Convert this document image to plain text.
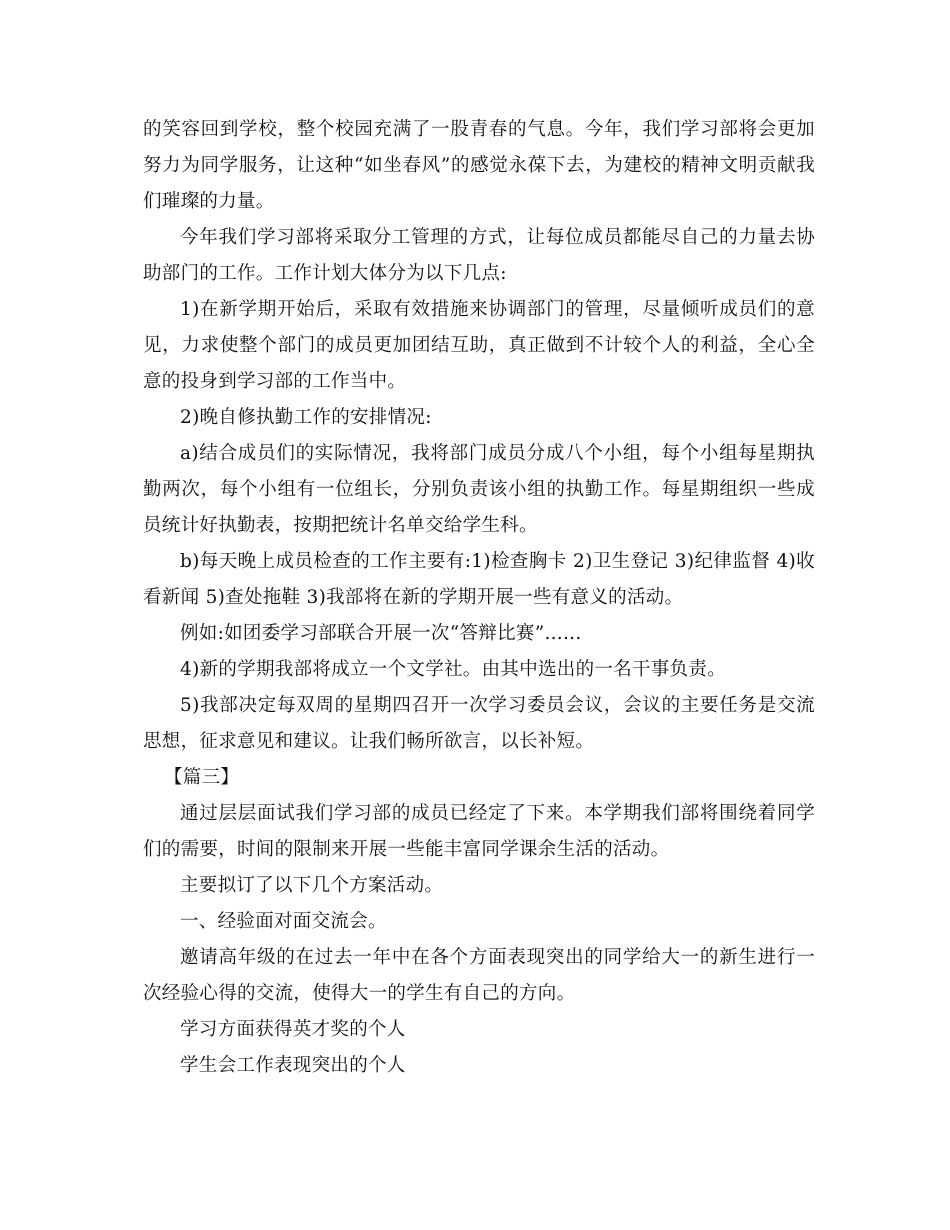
的笑容回到学校，整个校园充满了一股青春的气息。今年，我们学习部将会更加努力为同学服务，让这种“如坐春风”的感觉永葆下去，为建校的精神文明贡献我们璀璨的力量。

今年我们学习部将采取分工管理的方式，让每位成员都能尽自己的力量去协助部门的工作。工作计划大体分为以下几点:

1)在新学期开始后，采取有效措施来协调部门的管理，尽量倾听成员们的意见，力求使整个部门的成员更加团结互助，真正做到不计较个人的利益，全心全意的投身到学习部的工作当中。

2)晚自修执勤工作的安排情况:

a)结合成员们的实际情况，我将部门成员分成八个小组，每个小组每星期执勤两次，每个小组有一位组长，分别负责该小组的执勤工作。每星期组织一些成员统计好执勤表，按期把统计名单交给学生科。

b)每天晚上成员检查的工作主要有:1)检查胸卡 2)卫生登记 3)纪律监督 4)收看新闻 5)查处拖鞋 3)我部将在新的学期开展一些有意义的活动。

例如:如团委学习部联合开展一次“答辩比赛”......

4)新的学期我部将成立一个文学社。由其中选出的一名干事负责。

5)我部决定每双周的星期四召开一次学习委员会议，会议的主要任务是交流思想，征求意见和建议。让我们畅所欲言，以长补短。

【篇三】

通过层层面试我们学习部的成员已经定了下来。本学期我们部将围绕着同学们的需要，时间的限制来开展一些能丰富同学课余生活的活动。

主要拟订了以下几个方案活动。

一、经验面对面交流会。

邀请高年级的在过去一年中在各个方面表现突出的同学给大一的新生进行一次经验心得的交流，使得大一的学生有自己的方向。

学习方面获得英才奖的个人

学生会工作表现突出的个人
